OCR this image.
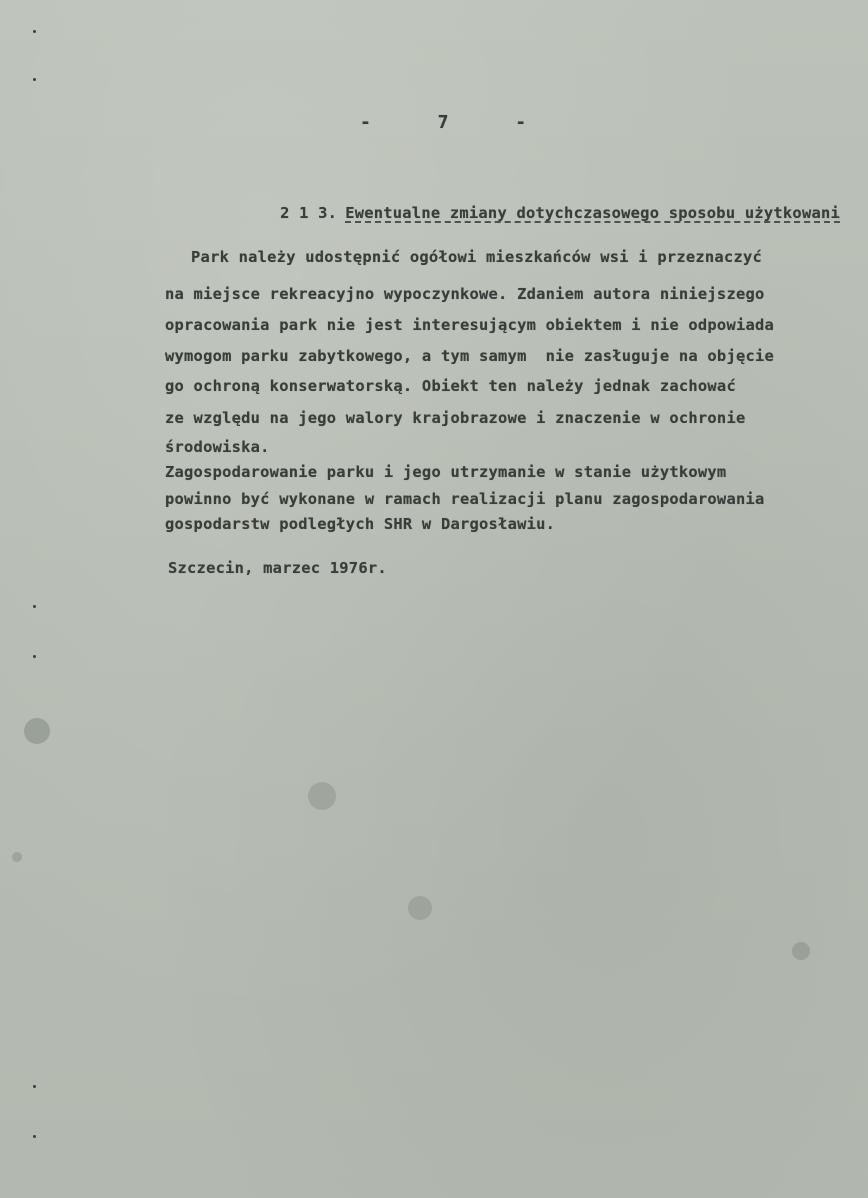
-      7      -

2 1 3. Ewentualne zmiany dotychczasowego sposobu użytkowani

Park należy udostępnić ogółowi mieszkańców wsi i przeznaczyć
na miejsce rekreacyjno wypoczynkowe. Zdaniem autora niniejszego
opracowania park nie jest interesującym obiektem i nie odpowiada
wymogom parku zabytkowego, a tym samym  nie zasługuje na objęcie
go ochroną konserwatorską. Obiekt ten należy jednak zachować
ze względu na jego walory krajobrazowe i znaczenie w ochronie
środowiska.
Zagospodarowanie parku i jego utrzymanie w stanie użytkowym
powinno być wykonane w ramach realizacji planu zagospodarowania
gospodarstw podległych SHR w Dargosławiu.
Szczecin, marzec 1976r.
